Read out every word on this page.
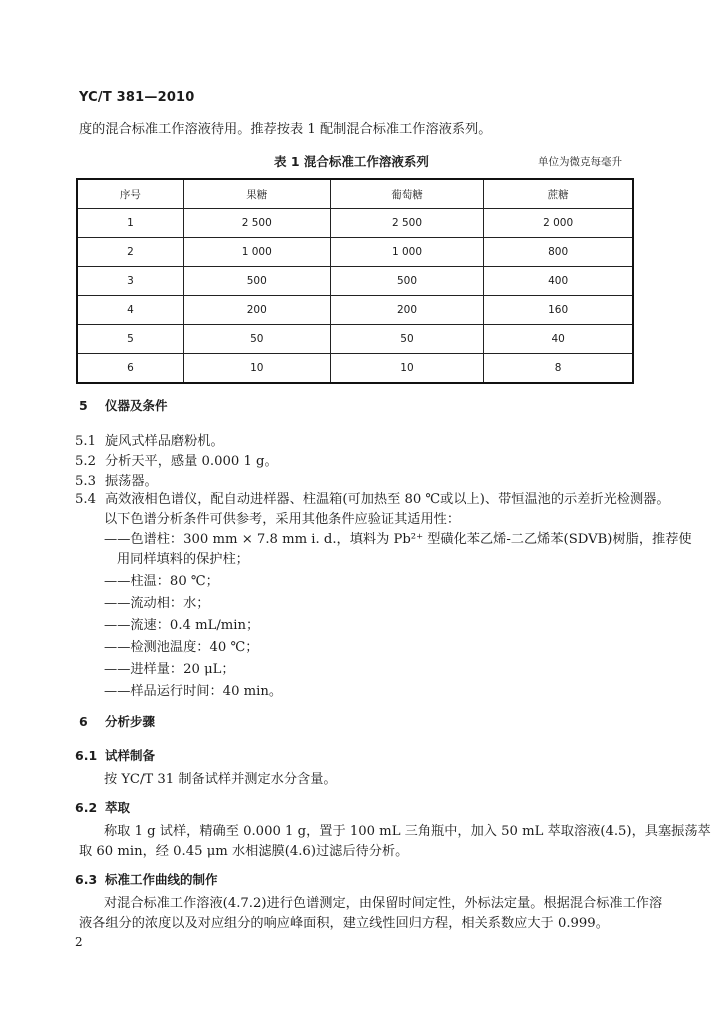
YC/T 381—2010
度的混合标准工作溶液待用。推荐按表 1 配制混合标准工作溶液系列。
表 1 混合标准工作溶液系列	单位为微克每毫升
序号	果糖	葡萄糖	蔗糖
1	2 500	2 500	2 000
2	1 000	1 000	800
3	500	500	400
4	200	200	160
5	50	50	40
6	10	10	8
5 仪器及条件
5.1 旋风式样品磨粉机。
5.2 分析天平，感量 0.000 1 g。
5.3 振荡器。
5.4 高效液相色谱仪，配自动进样器、柱温箱(可加热至 80 ℃或以上)、带恒温池的示差折光检测器。
以下色谱分析条件可供参考，采用其他条件应验证其适用性：
——色谱柱：300 mm × 7.8 mm i. d.，填料为 Pb²⁺ 型磺化苯乙烯-二乙烯苯(SDVB)树脂，推荐使
用同样填料的保护柱；
——柱温：80 ℃；
——流动相：水；
——流速：0.4 mL/min；
——检测池温度：40 ℃；
——进样量：20 μL；
——样品运行时间：40 min。
6 分析步骤
6.1 试样制备
按 YC/T 31 制备试样并测定水分含量。
6.2 萃取
称取 1 g 试样，精确至 0.000 1 g，置于 100 mL 三角瓶中，加入 50 mL 萃取溶液(4.5)，具塞振荡萃
取 60 min，经 0.45 μm 水相滤膜(4.6)过滤后待分析。
6.3 标准工作曲线的制作
对混合标准工作溶液(4.7.2)进行色谱测定，由保留时间定性，外标法定量。根据混合标准工作溶
液各组分的浓度以及对应组分的响应峰面积，建立线性回归方程，相关系数应大于 0.999。
2
